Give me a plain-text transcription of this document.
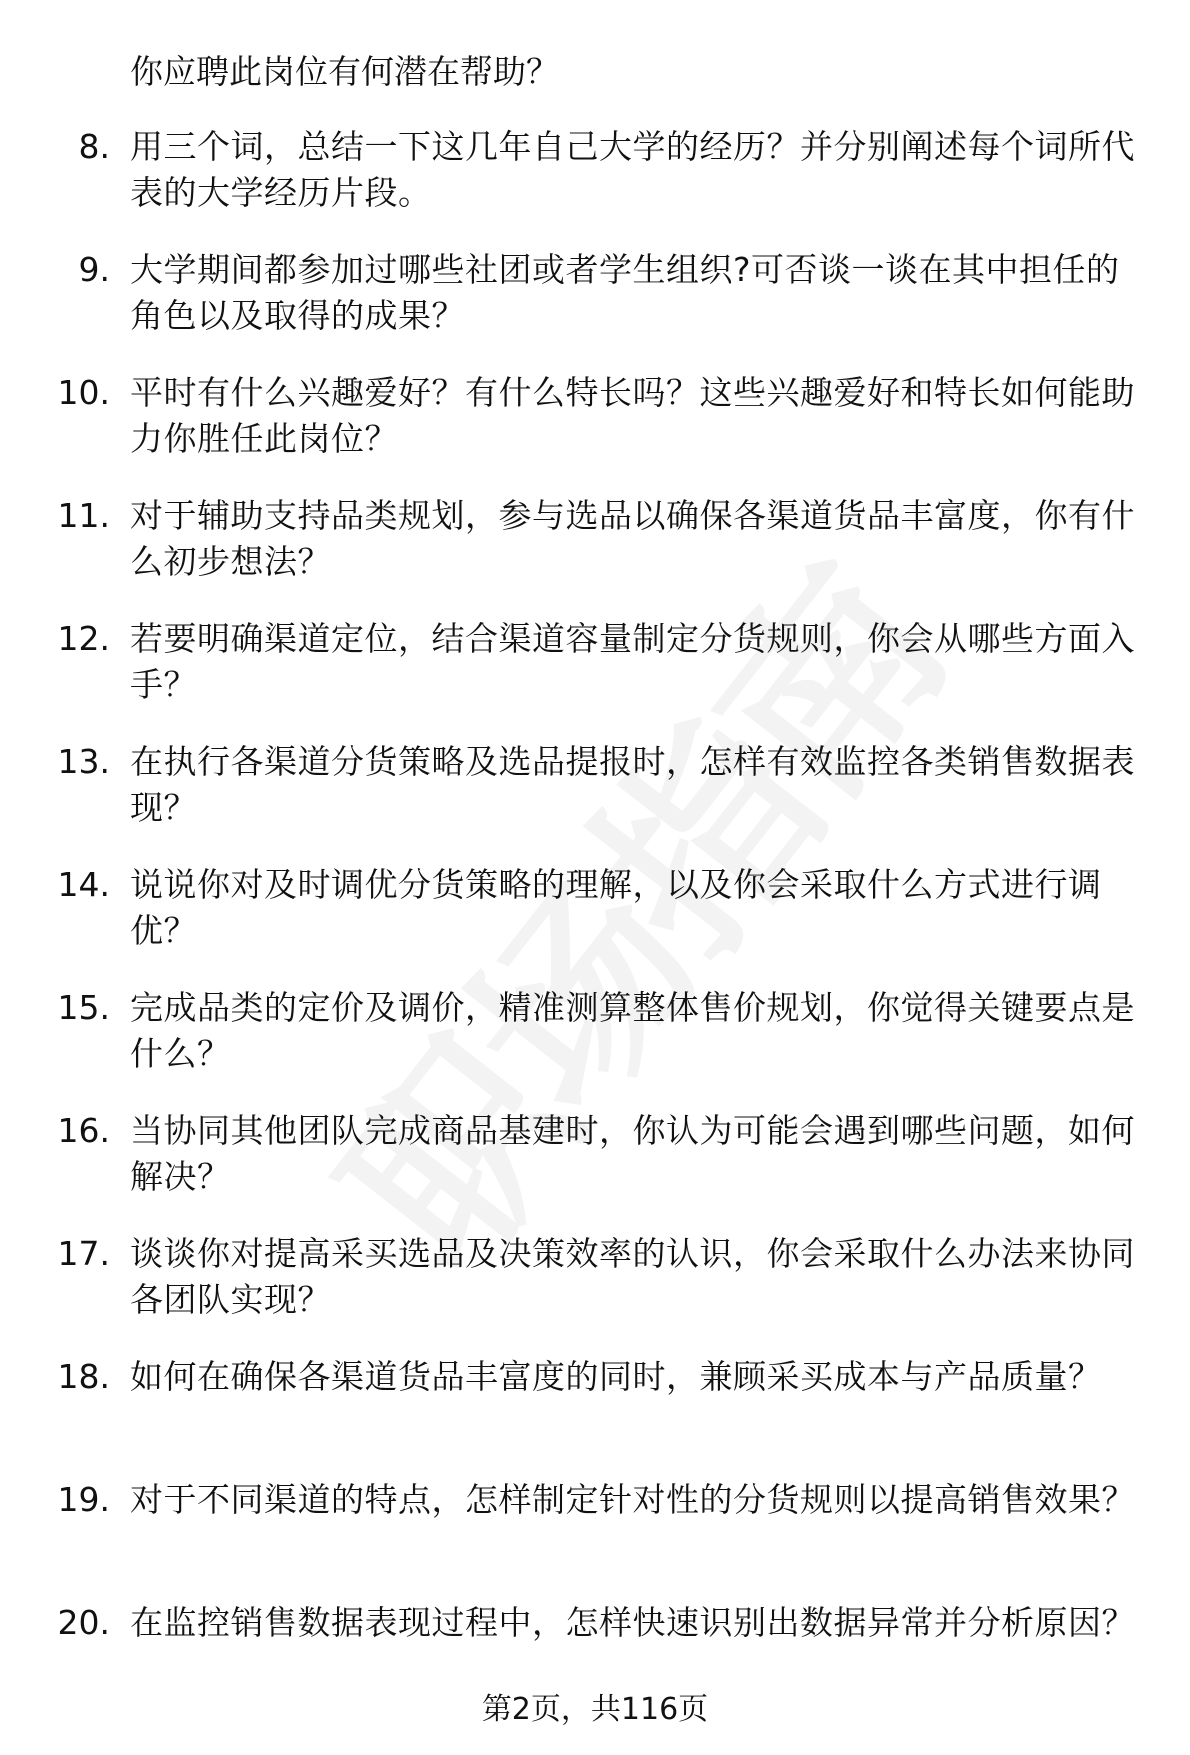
你应聘此岗位有何潜在帮助？
8. 用三个词，总结一下这几年自己大学的经历？并分别阐述每个词所代表的大学经历片段。
9. 大学期间都参加过哪些社团或者学生组织?可否谈一谈在其中担任的角色以及取得的成果？
10. 平时有什么兴趣爱好？有什么特长吗？这些兴趣爱好和特长如何能助力你胜任此岗位？
11. 对于辅助支持品类规划，参与选品以确保各渠道货品丰富度，你有什么初步想法？
12. 若要明确渠道定位，结合渠道容量制定分货规则，你会从哪些方面入手？
13. 在执行各渠道分货策略及选品提报时，怎样有效监控各类销售数据表现？
14. 说说你对及时调优分货策略的理解，以及你会采取什么方式进行调优？
15. 完成品类的定价及调价，精准测算整体售价规划，你觉得关键要点是什么？
16. 当协同其他团队完成商品基建时，你认为可能会遇到哪些问题，如何解决？
17. 谈谈你对提高采买选品及决策效率的认识，你会采取什么办法来协同各团队实现？
18. 如何在确保各渠道货品丰富度的同时，兼顾采买成本与产品质量？
19. 对于不同渠道的特点，怎样制定针对性的分货规则以提高销售效果？
20. 在监控销售数据表现过程中，怎样快速识别出数据异常并分析原因？
第2页，共116页
